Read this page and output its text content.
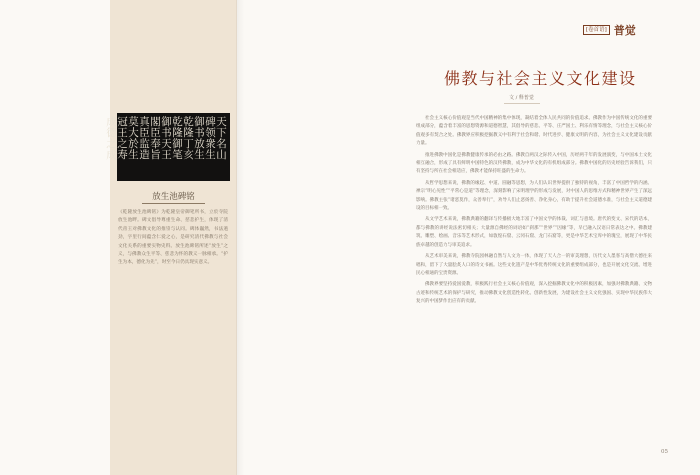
天下名山
碑领衆生
御书放生
乾隆丁亥
乾隆御笔
御书天王
閣臣奉旨
真臣监造
莫大於生
冠王之寿
成德之成
放生池碑铭
《乾隆放生池碑铭》为乾隆皇帝御笔所书，立於寺院放生池畔。碑文倡导尊重生命、慈悲护生，体现了清代帝王对佛教文化的推崇与认同。碑体巍然，书法遒劲，字里行间蕴含仁爱之心，是研究清代佛教与社会文化关系的重要实物史料。放生池碑铭所述“放生”之义，与佛教众生平等、慈悲为怀的教义一脉相承。“护生为本，德化为先”，时至今日仍具现实意义。
[卷首语] 普觉
佛教与社会主义文化建设
文 / 释普觉

社会主义核心价值观是当代中国精神的集中体现，凝结着全体人民共同的价值追求。佛教作为中国传统文化的重要组成部分，蕴含着丰富的思想资源和道德智慧，其倡导的慈悲、平等、庄严国土、利乐有情等理念，与社会主义核心价值观多有契合之处。佛教界应积极挖掘教义中有利于社会和谐、时代进步、健康文明的内容，为社会主义文化建设贡献力量。

推进佛教中国化是佛教健康传承的必由之路。佛教自两汉之际传入中国，历经两千年的发展演变，与中国本土文化相互融合，形成了具有鲜明中国特色的汉传佛教，成为中华文化的有机组成部分。佛教中国化的历史经验告诉我们，只有坚持与所在社会相适应，佛教才能保持旺盛的生命力。

从哲学思想来说，佛教的缘起、中道、圆融等思想，为人们认识世界提供了独特的视角，丰富了中国哲学的内涵。禅宗“明心见性”“平常心是道”等理念，深刻影响了宋明理学的形成与发展，对中国人的思维方式和精神世界产生了深远影响。佛教主张“诸恶莫作，众善奉行”，劝导人们止恶扬善、净化身心，有助于提升社会道德水准，与社会主义道德建设的目标相一致。

从文学艺术来说，佛教典籍的翻译与传播极大地丰富了中国文学的体裁、词汇与意境。唐代的变文、宋代的话本，都与佛教的讲经说法密切相关；大量源自佛经的词语如“刹那”“世界”“因缘”等，早已融入汉语日常表达之中。佛教建筑、雕塑、绘画、音乐等艺术形式，如敦煌石窟、云冈石窟、龙门石窟等，更是中华艺术宝库中的瑰宝，展现了中华民族卓越的创造力与审美追求。

从艺术审美来说，佛教寺院园林融自然与人文为一体，体现了天人合一的审美理想，历代文人墨客与高僧大德往来唱和，留下了大量脍炙人口的诗文书画。这些文化遗产是中华优秀传统文化的重要组成部分，也是开展文化交流、增进民心相通的宝贵资源。

佛教界要坚持爱国爱教，积极践行社会主义核心价值观，深入挖掘佛教文化中的积极因素，加强对佛教典籍、文物古迹和传统艺术的保护与研究，推动佛教文化创造性转化、创新性发展，为建设社会主义文化强国、实现中华民族伟大复兴的中国梦作出应有的贡献。

05
